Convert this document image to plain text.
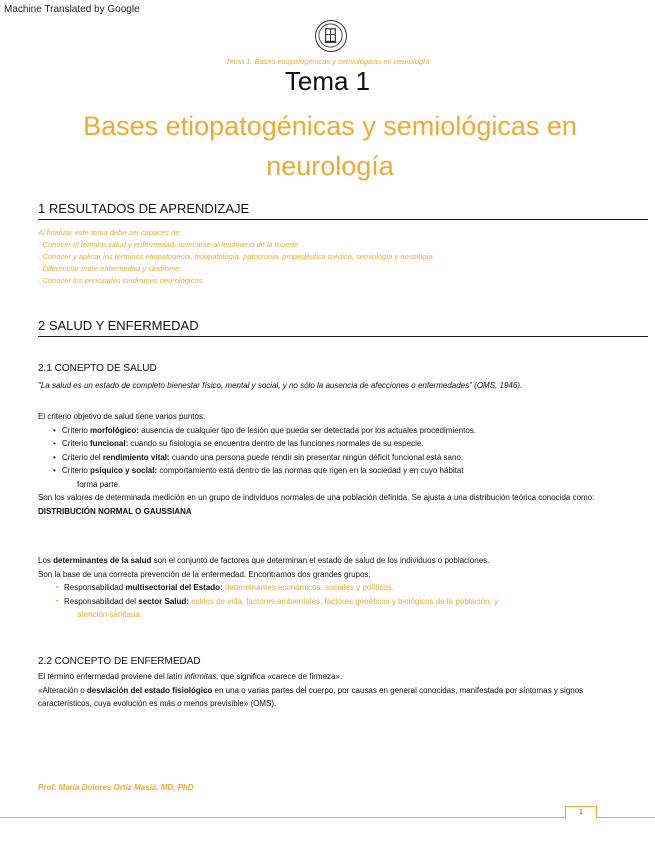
Machine Translated by Google
Tema 1. Bases etiopatogénicas y semiológicas en neurología
Tema 1
Bases etiopatogénicas y semiológicas en neurología
1 RESULTADOS DE APRENDIZAJE
Al finalizar este tema debe ser capaces de:
· Conocer el término salud y enfermedad, acercarse al fenómeno de la muerte.
· Conocer y aplicar los términos etiopatogenia, fisiopatología, patocronia, propedéutica médica, semiología y nosología.
· Diferenciar entre enfermedad y síndrome.
· Conocer los principales síndromes neurológicos.
2 SALUD Y ENFERMEDAD
2.1 CONEPTO DE SALUD
"La salud es un estado de completo bienestar físico, mental y social, y no sólo la ausencia de afecciones o enfermedades" (OMS, 1946).
El criterio objetivo de salud tiene varios puntos:
• Criterio morfológico: ausencia de cualquier tipo de lesión que pueda ser detectada por los actuales procedimientos.
• Criterio funcional: cuando su fisiología se encuentra dentro de las funciones normales de su especie.
• Criterio del rendimiento vital: cuando una persona puede rendir sin presentar ningún déficit funcional está sano.
• Criterio psíquico y social: comportamiento está dentro de las normas que rigen en la sociedad y en cuyo hábitat
forma parte.
Son los valores de determinada medición en un grupo de individuos normales de una población definida. Se ajusta a una distribución teórica conocida como: DISTRIBUCIÓN NORMAL O GAUSSIANA
Los determinantes de la salud son el conjunto de factores que determinan el estado de salud de los individuos o poblaciones.
Son la base de una correcta prevención de la enfermedad. Encontramos dos grandes grupos:
▪ Responsabilidad multisectorial del Estado: determinantes económicos, sociales y políticos.
▪ Responsabilidad del sector Salud: estilos de vida, factores ambientales, factores genéticos y biológicos de la población, y
atención sanitaria.
2.2 CONCEPTO DE ENFERMEDAD
El término enfermedad proviene del latín infirmitas, que significa «carece de firmeza».
«Alteración o desviación del estado fisiológico en una o varias partes del cuerpo, por causas en general conocidas, manifestada por síntomas y signos característicos, cuya evolución es más o menos previsible» (OMS).
Prof. María Dolores Ortiz Masiá, MD, PhD
1
